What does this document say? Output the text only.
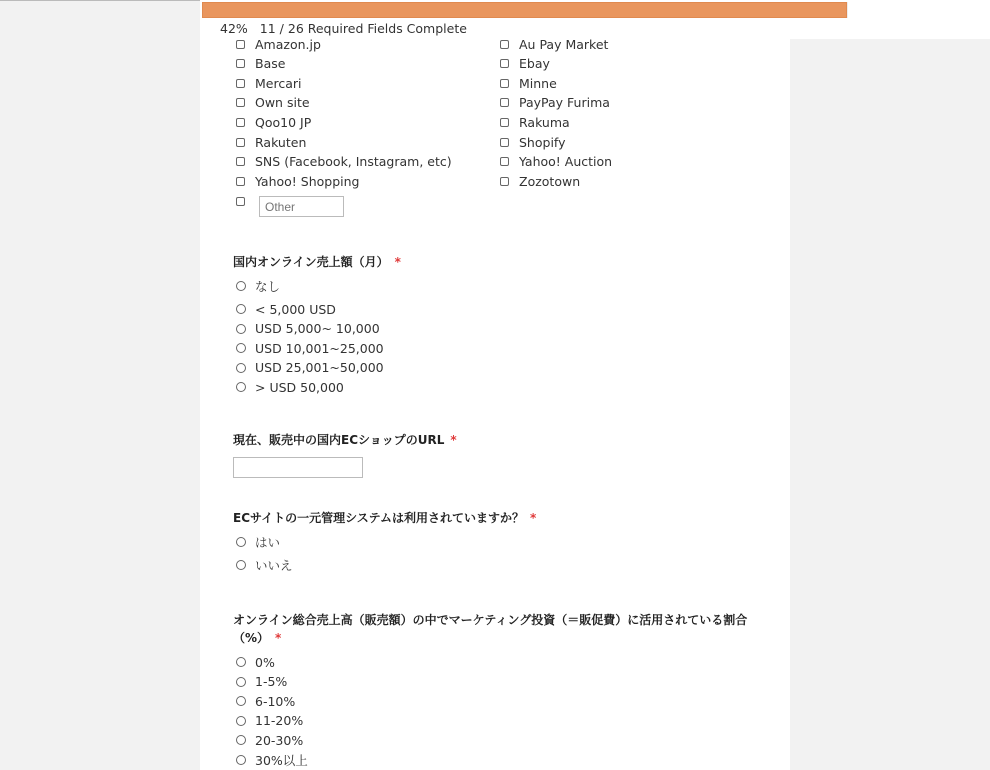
42% 11 / 26 Required Fields Complete
Amazon.jp
Base
Mercari
Own site
Qoo10 JP
Rakuten
SNS (Facebook, Instagram, etc)
Yahoo! Shopping
Au Pay Market
Ebay
Minne
PayPay Furima
Rakuma
Shopify
Yahoo! Auction
Zozotown
なし
< 5,000 USD
USD 5,000~ 10,000
USD 10,001~25,000
USD 25,001~50,000
> USD 50,000
はい
いいえ
0%
1-5%
6-10%
11-20%
20-30%
30%以上
Other
国内オンライン売上額（月） *
現在、販売中の国内ECショップのURL *
ECサイトの一元管理システムは利用されていますか？ *
オンライン総合売上高（販売額）の中でマーケティング投資（＝販促費）に活用されている割合（%） *
